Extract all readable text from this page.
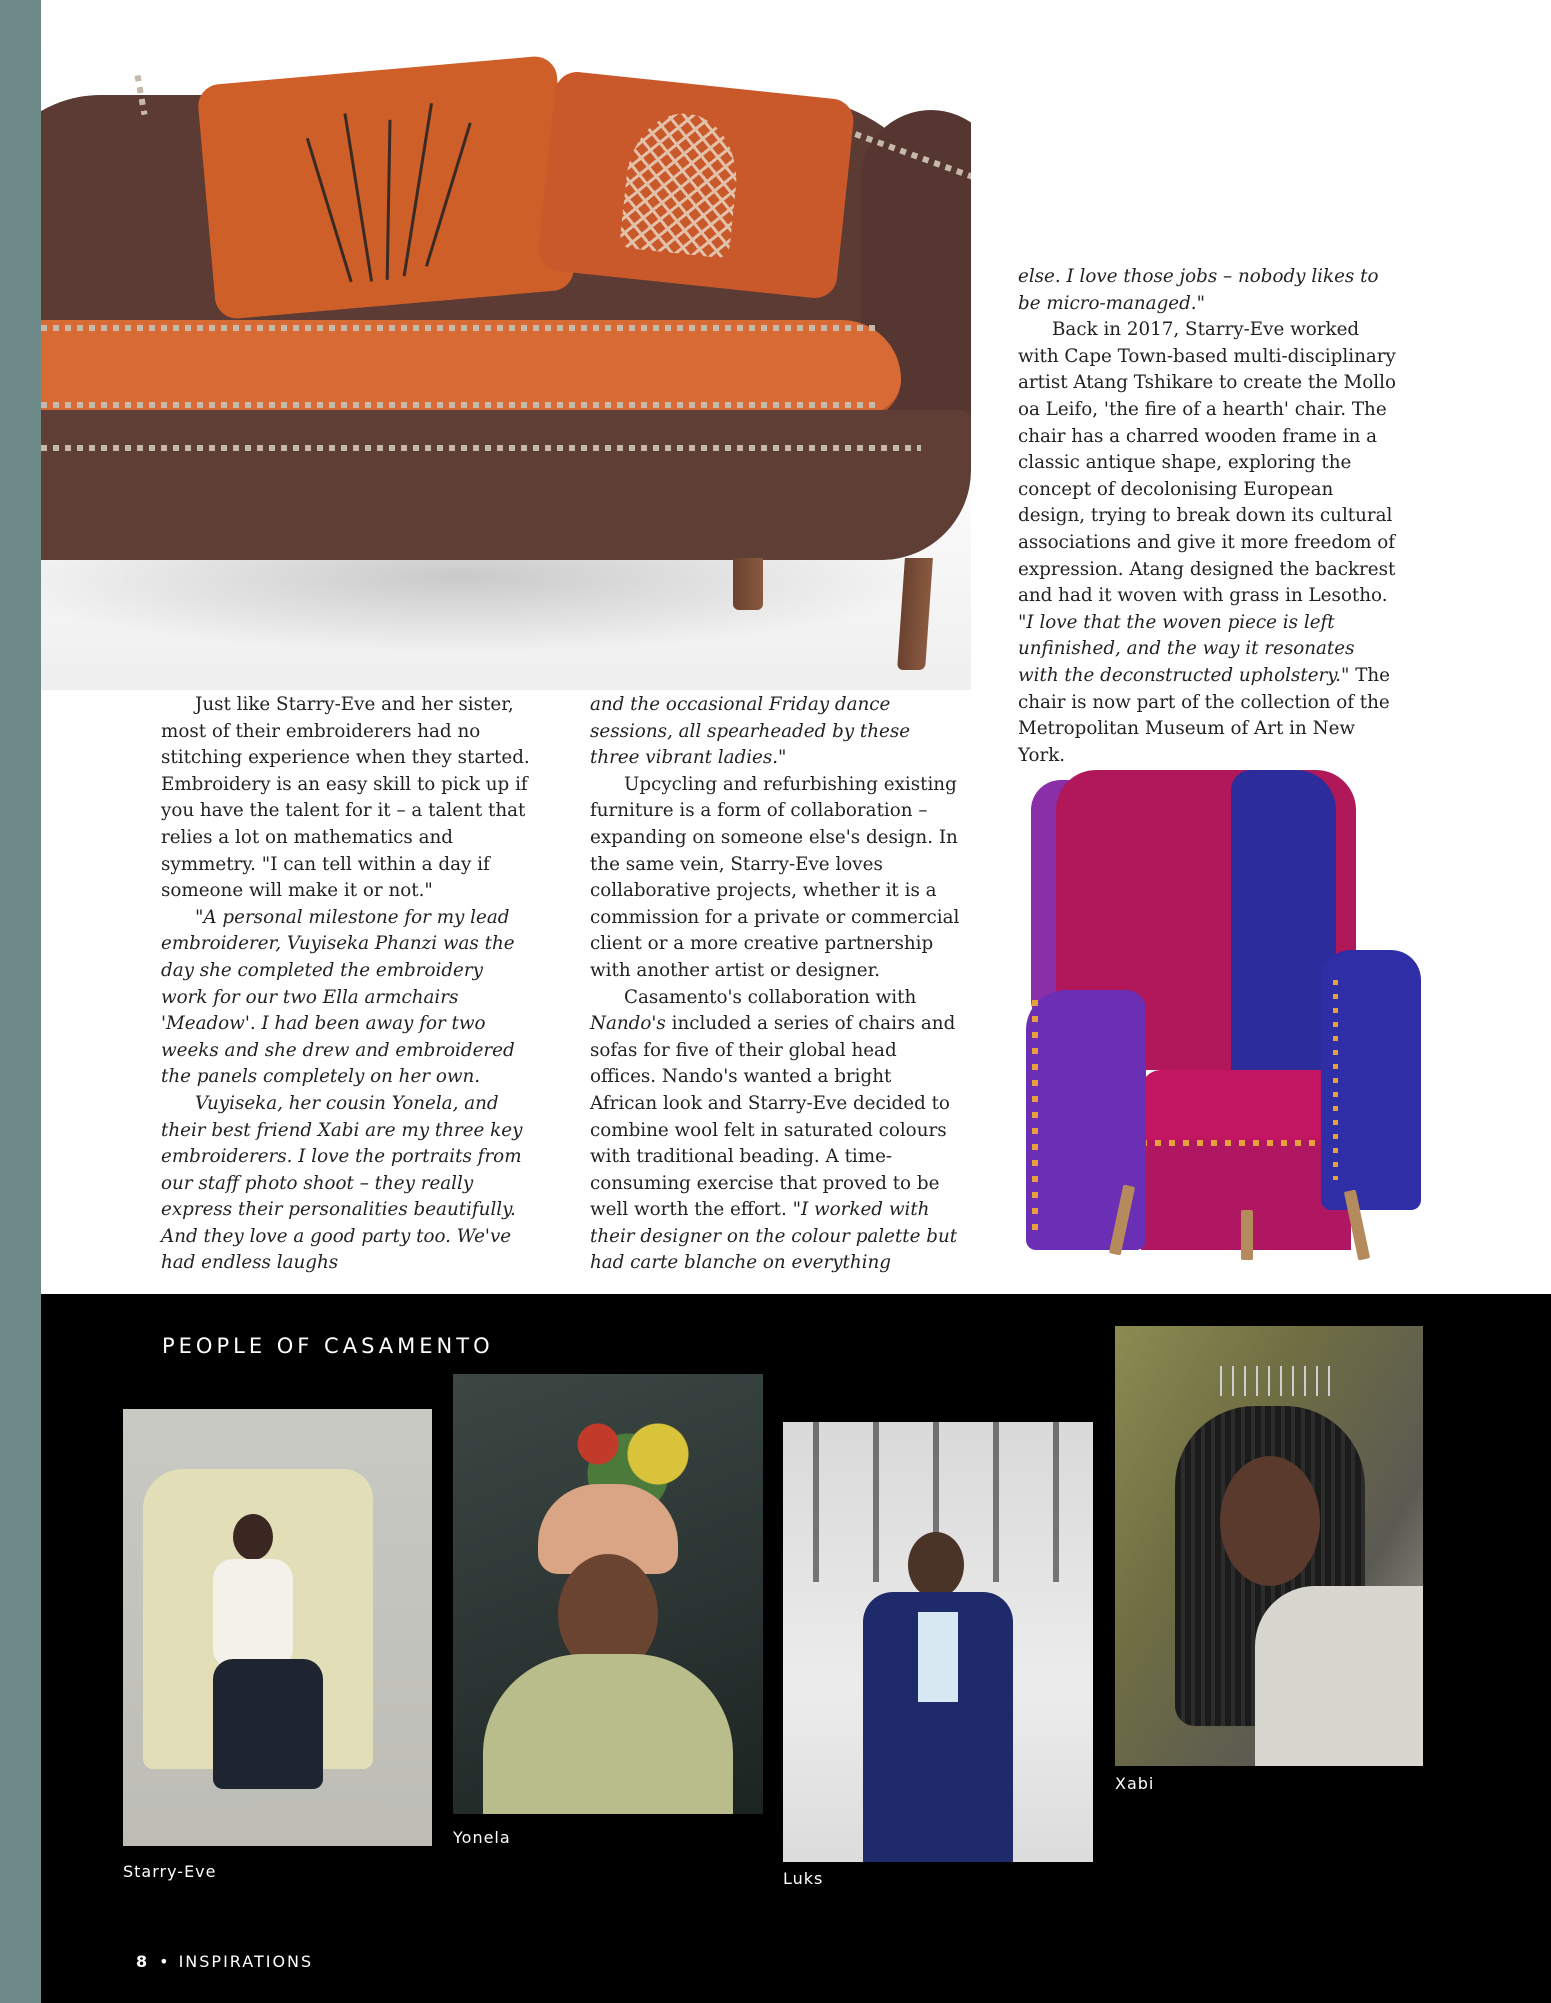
Just like Starry-Eve and her sister, most of their embroiderers had no stitching experience when they started. Embroidery is an easy skill to pick up if you have the talent for it – a talent that relies a lot on mathematics and symmetry. "I can tell within a day if someone will make it or not."

"A personal milestone for my lead embroiderer, Vuyiseka Phanzi was the day she completed the embroidery work for our two Ella armchairs 'Meadow'. I had been away for two weeks and she drew and embroidered the panels completely on her own.

Vuyiseka, her cousin Yonela, and their best friend Xabi are my three key embroiderers. I love the portraits from our staff photo shoot – they really express their personalities beautifully. And they love a good party too. We've had endless laughs

and the occasional Friday dance sessions, all spearheaded by these three vibrant ladies."

Upcycling and refurbishing existing furniture is a form of collaboration – expanding on someone else's design. In the same vein, Starry-Eve loves collaborative projects, whether it is a commission for a private or commercial client or a more creative partnership with another artist or designer.

Casamento's collaboration with Nando's included a series of chairs and sofas for five of their global head offices. Nando's wanted a bright African look and Starry-Eve decided to combine wool felt in saturated colours with traditional beading. A time-consuming exercise that proved to be well worth the effort. "I worked with their designer on the colour palette but had carte blanche on everything

else. I love those jobs – nobody likes to be micro-managed."

Back in 2017, Starry-Eve worked with Cape Town-based multi-disciplinary artist Atang Tshikare to create the Mollo oa Leifo, 'the fire of a hearth' chair. The chair has a charred wooden frame in a classic antique shape, exploring the concept of decolonising European design, trying to break down its cultural associations and give it more freedom of expression. Atang designed the backrest and had it woven with grass in Lesotho. "I love that the woven piece is left unfinished, and the way it resonates with the deconstructed upholstery." The chair is now part of the collection of the Metropolitan Museum of Art in New York.

PEOPLE OF CASAMENTO
Starry-Eve
Yonela
Luks
Xabi
8 • INSPIRATIONS
